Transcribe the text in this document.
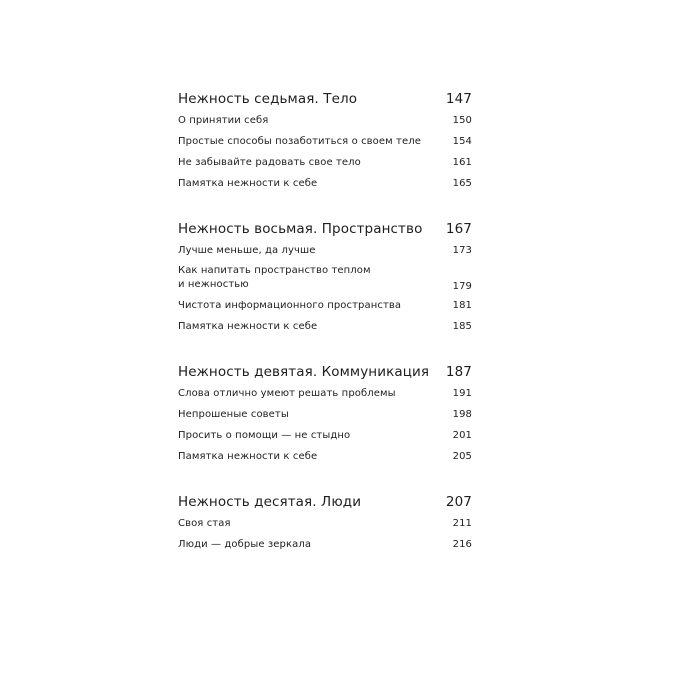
Нежность седьмая. Тело	147
О принятии себя	150
Простые способы позаботиться о своем теле	154
Не забывайте радовать свое тело	161
Памятка нежности к себе	165
Нежность восьмая. Пространство 167
Лучше меньше, да лучше	173
Как напитать пространство теплом
и нежностью	179
Чистота информационного пространства	181
Памятка нежности к себе	185
Нежность девятая. Коммуникация 187
Слова отлично умеют решать проблемы	191
Непрошеные советы	198
Просить о помощи — не стыдно	201
Памятка нежности к себе	205
Нежность десятая. Люди	207
Своя стая	211
Люди — добрые зеркала	216
